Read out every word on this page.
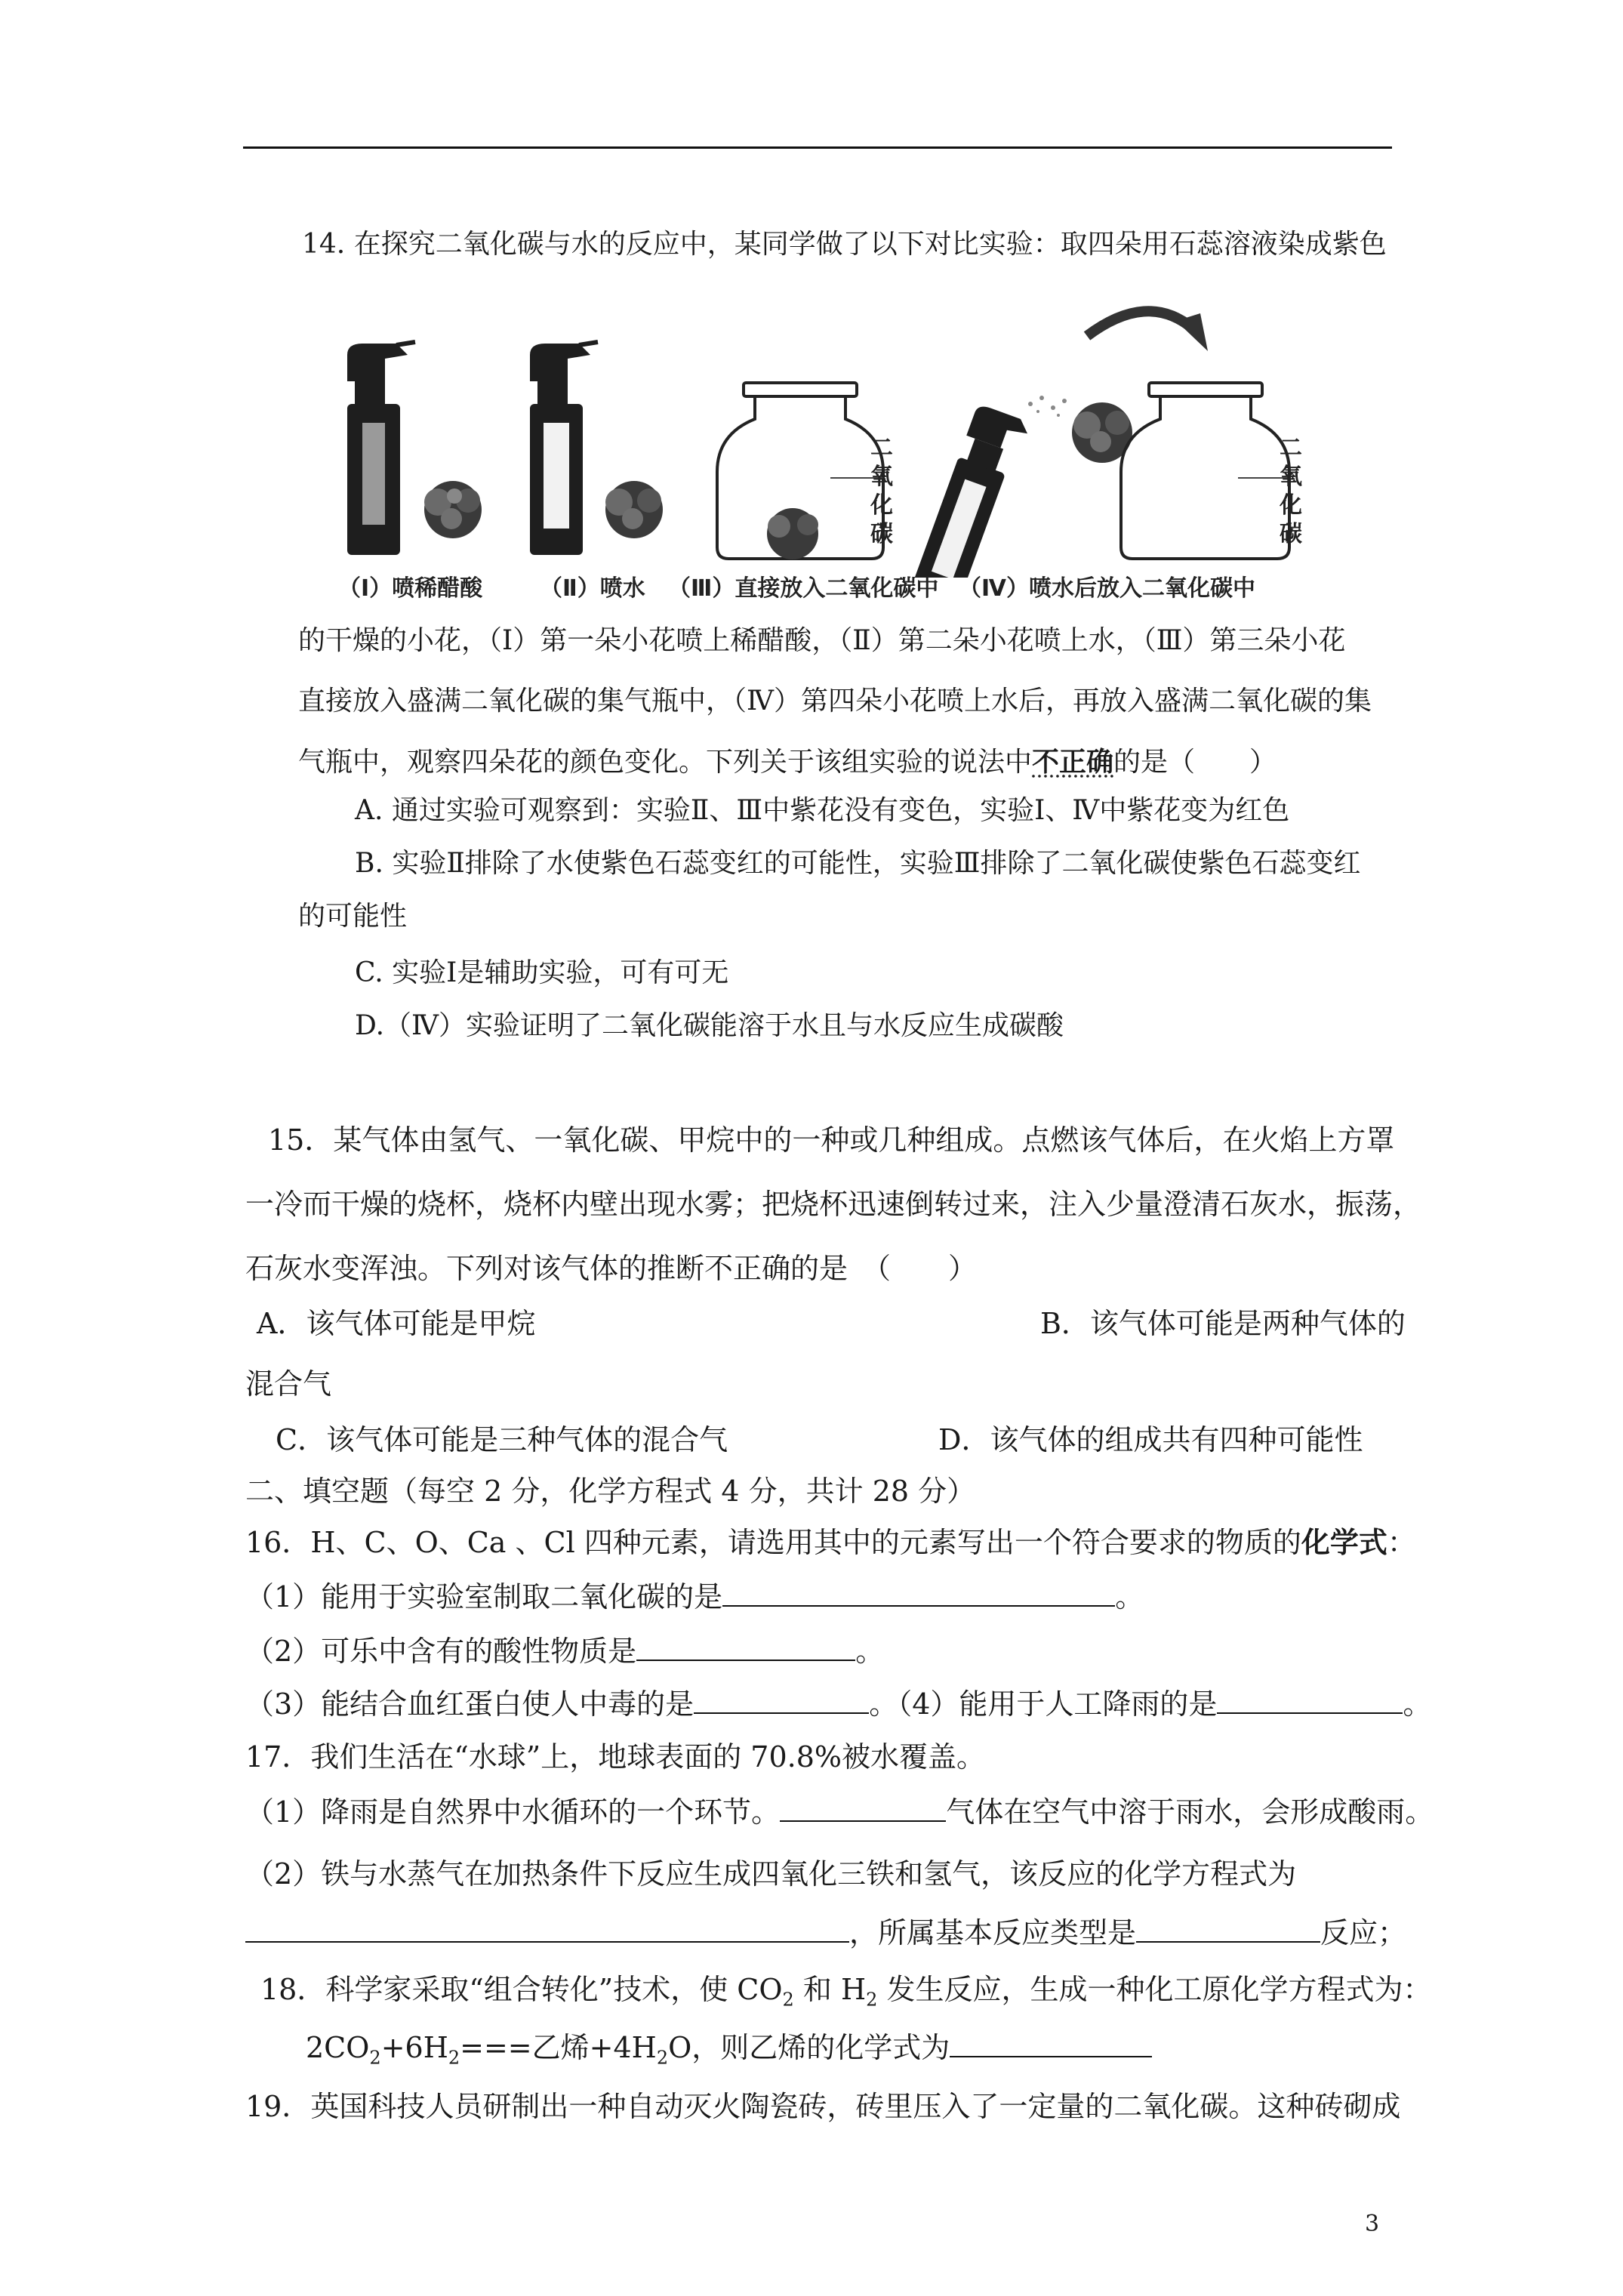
14. 在探究二氧化碳与水的反应中，某同学做了以下对比实验：取四朵用石蕊溶液染成紫色
二
氧
化
碳
二
氧
化
碳
（Ⅰ）喷稀醋酸	（Ⅱ）喷水 （Ⅲ）直接放入二氧化碳中 （Ⅳ）喷水后放入二氧化碳中
的干燥的小花，（Ⅰ）第一朵小花喷上稀醋酸，（Ⅱ）第二朵小花喷上水，（Ⅲ）第三朵小花
直接放入盛满二氧化碳的集气瓶中，（Ⅳ）第四朵小花喷上水后，再放入盛满二氧化碳的集
气瓶中，观察四朵花的颜色变化。下列关于该组实验的说法中不正确的是（　　）
A. 通过实验可观察到：实验Ⅱ、Ⅲ中紫花没有变色，实验Ⅰ、Ⅳ中紫花变为红色
B. 实验Ⅱ排除了水使紫色石蕊变红的可能性，实验Ⅲ排除了二氧化碳使紫色石蕊变红
的可能性
C. 实验Ⅰ是辅助实验，可有可无
D.（Ⅳ）实验证明了二氧化碳能溶于水且与水反应生成碳酸
15．某气体由氢气、一氧化碳、甲烷中的一种或几种组成。点燃该气体后，在火焰上方罩
一冷而干燥的烧杯，烧杯内壁出现水雾；把烧杯迅速倒转过来，注入少量澄清石灰水，振荡，
石灰水变浑浊。下列对该气体的推断不正确的是　（　　）
A．该气体可能是甲烷	B．该气体可能是两种气体的
混合气
C．该气体可能是三种气体的混合气	D．该气体的组成共有四种可能性
二、填空题（每空 2 分，化学方程式 4 分，共计 28 分）
16．H、C、O、Ca 、Cl 四种元素，请选用其中的元素写出一个符合要求的物质的化学式：
（1）能用于实验室制取二氧化碳的是	。
（2）可乐中含有的酸性物质是	。
（3）能结合血红蛋白使人中毒的是	。（4）能用于人工降雨的是	。
17．我们生活在“水球”上，地球表面的 70.8%被水覆盖。
（1）降雨是自然界中水循环的一个环节。	气体在空气中溶于雨水，会形成酸雨。
（2）铁与水蒸气在加热条件下反应生成四氧化三铁和氢气，该反应的化学方程式为
，所属基本反应类型是	反应；
18．科学家采取“组合转化”技术，使 $CO_2$ 和 $H_2$ 发生反应，生成一种化工原化学方程式为：
$2CO_2+6H_2===$乙烯$+4H_2O$，则乙烯的化学式为
19．英国科技人员研制出一种自动灭火陶瓷砖，砖里压入了一定量的二氧化碳。这种砖砌成
3
